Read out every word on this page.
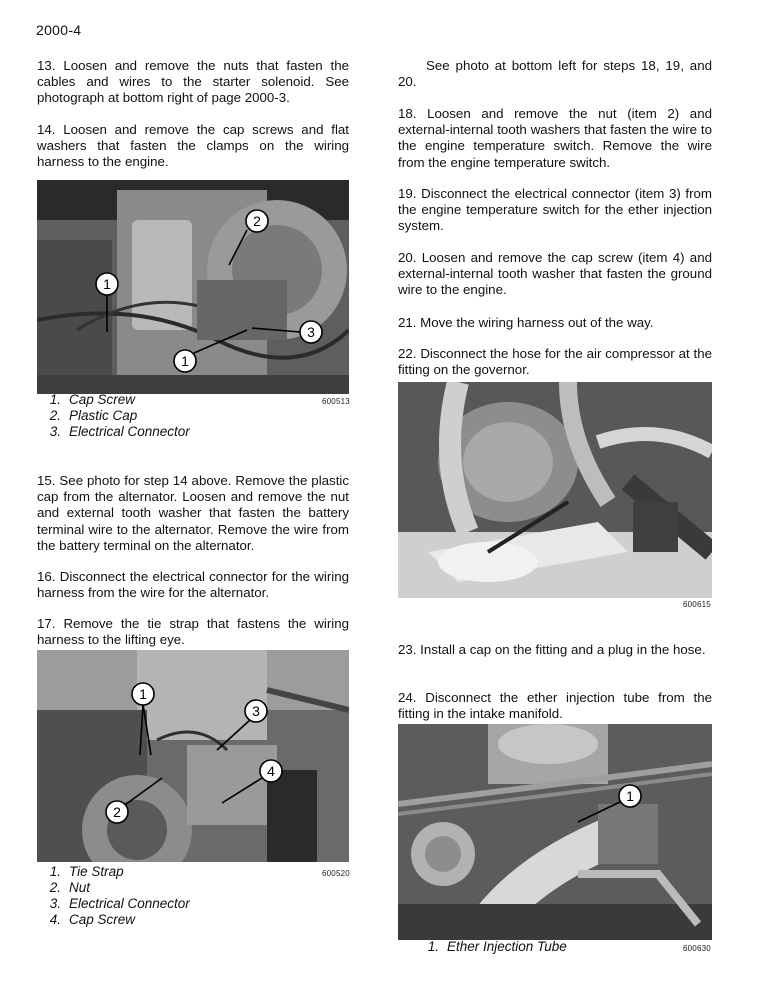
2000-4

13. Loosen and remove the nuts that fasten the cables and wires to the starter solenoid. See photograph at bottom right of page 2000-3.

14. Loosen and remove the cap screws and flat washers that fasten the clamps on the wiring harness to the engine.

1
2
3
1
600513
1. Cap Screw
2. Plastic Cap
3. Electrical Connector

15. See photo for step 14 above. Remove the plastic cap from the alternator. Loosen and remove the nut and external tooth washer that fasten the battery terminal wire to the alternator. Remove the wire from the battery terminal on the alternator.

16. Disconnect the electrical connector for the wiring harness from the wire for the alternator.

17. Remove the tie strap that fastens the wiring harness to the lifting eye.

1
3
4
2
600520
1. Tie Strap
2. Nut
3. Electrical Connector
4. Cap Screw

See photo at bottom left for steps 18, 19, and 20.

18. Loosen and remove the nut (item 2) and external-internal tooth washers that fasten the wire to the engine temperature switch. Remove the wire from the engine temperature switch.

19. Disconnect the electrical connector (item 3) from the engine temperature switch for the ether injection system.

20. Loosen and remove the cap screw (item 4) and external-internal tooth washer that fasten the ground wire to the engine.

21. Move the wiring harness out of the way.

22. Disconnect the hose for the air compressor at the fitting on the governor.

600615

23. Install a cap on the fitting and a plug in the hose.

24. Disconnect the ether injection tube from the fitting in the intake manifold.

1
600630
1. Ether Injection Tube
